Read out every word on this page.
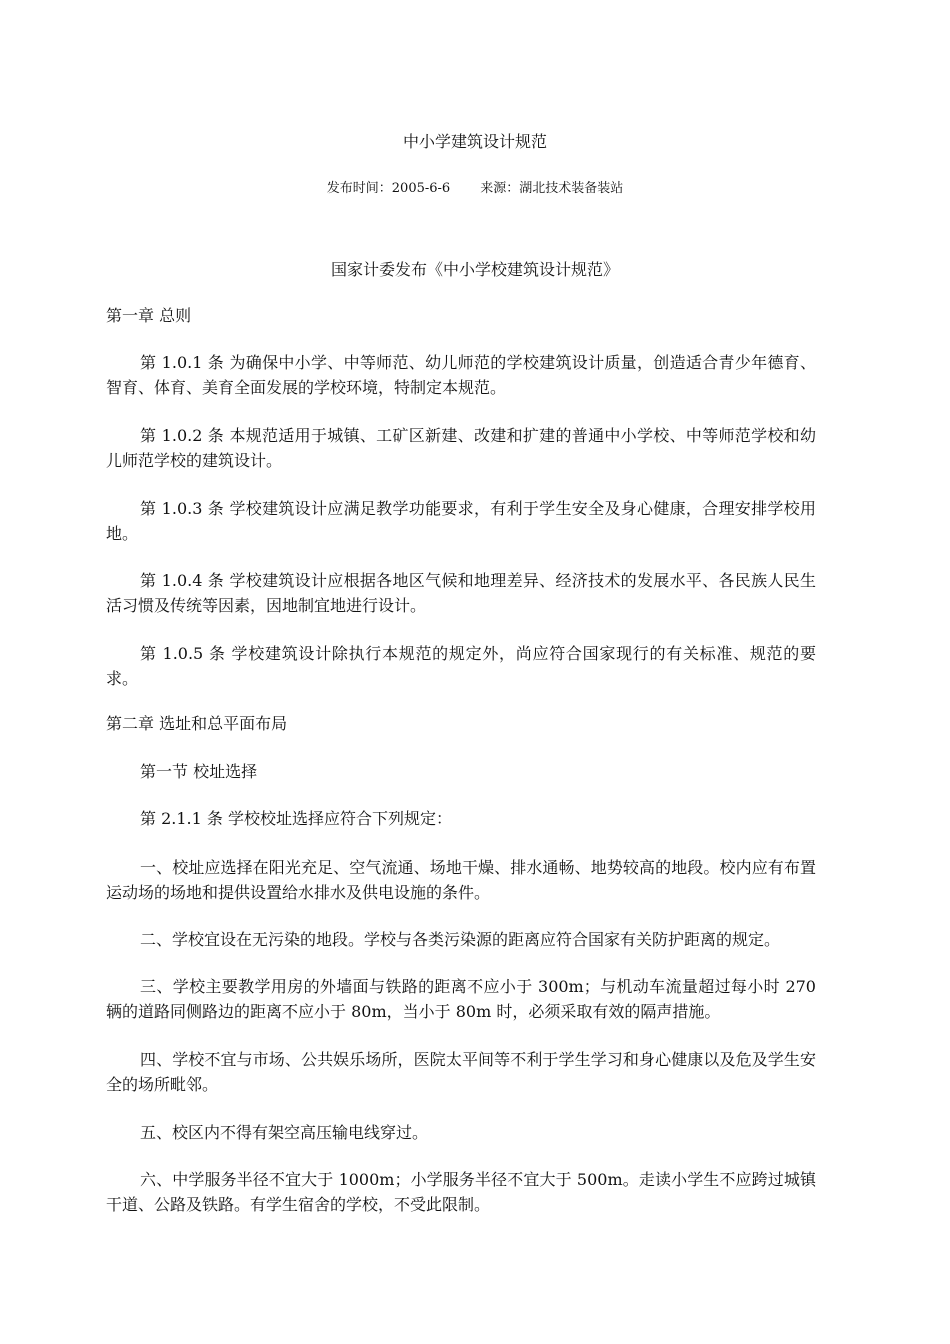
中小学建筑设计规范
发布时间：2005-6-6 来源：湖北技术装备装站
国家计委发布《中小学校建筑设计规范》
第一章 总则
第 1.0.1 条 为确保中小学、中等师范、幼儿师范的学校建筑设计质量，创造适合青少年德育、智育、体育、美育全面发展的学校环境，特制定本规范。
第 1.0.2 条 本规范适用于城镇、工矿区新建、改建和扩建的普通中小学校、中等师范学校和幼儿师范学校的建筑设计。
第 1.0.3 条 学校建筑设计应满足教学功能要求，有利于学生安全及身心健康，合理安排学校用地。
第 1.0.4 条 学校建筑设计应根据各地区气候和地理差异、经济技术的发展水平、各民族人民生活习惯及传统等因素，因地制宜地进行设计。
第 1.0.5 条 学校建筑设计除执行本规范的规定外，尚应符合国家现行的有关标准、规范的要求。
第二章 选址和总平面布局
第一节 校址选择
第 2.1.1 条 学校校址选择应符合下列规定：
一、校址应选择在阳光充足、空气流通、场地干燥、排水通畅、地势较高的地段。校内应有布置运动场的场地和提供设置给水排水及供电设施的条件。
二、学校宜设在无污染的地段。学校与各类污染源的距离应符合国家有关防护距离的规定。
三、学校主要教学用房的外墙面与铁路的距离不应小于 300m；与机动车流量超过每小时 270 辆的道路同侧路边的距离不应小于 80m，当小于 80m 时，必须采取有效的隔声措施。
四、学校不宜与市场、公共娱乐场所，医院太平间等不利于学生学习和身心健康以及危及学生安全的场所毗邻。
五、校区内不得有架空高压输电线穿过。
六、中学服务半径不宜大于 1000m；小学服务半径不宜大于 500m。走读小学生不应跨过城镇干道、公路及铁路。有学生宿舍的学校，不受此限制。
